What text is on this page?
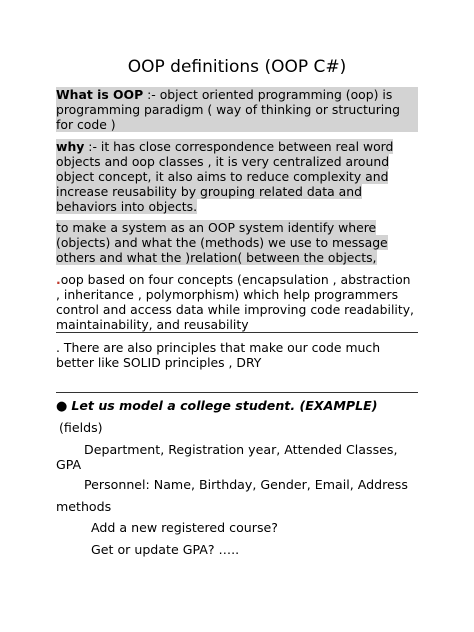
OOP definitions (OOP C#)
What is OOP :- object oriented programming (oop) is programming paradigm ( way of thinking or structuring for code )
why :- it has close correspondence between real word objects and oop classes , it is very centralized around object concept, it also aims to reduce complexity and increase reusability by grouping related data and behaviors into objects.
to make a system as an OOP system identify where (objects) and what the (methods) we use to message others and what the )relation( between the objects,
.oop based on four concepts (encapsulation , abstraction , inheritance , polymorphism) which help programmers control and access data while improving code readability, maintainability, and reusability
. There are also principles that make our code much better like SOLID principles , DRY
● Let us model a college student. (EXAMPLE)
(fields)
Department, Registration year, Attended Classes,
GPA
Personnel: Name, Birthday, Gender, Email, Address
methods
Add a new registered course?
Get or update GPA? …..
